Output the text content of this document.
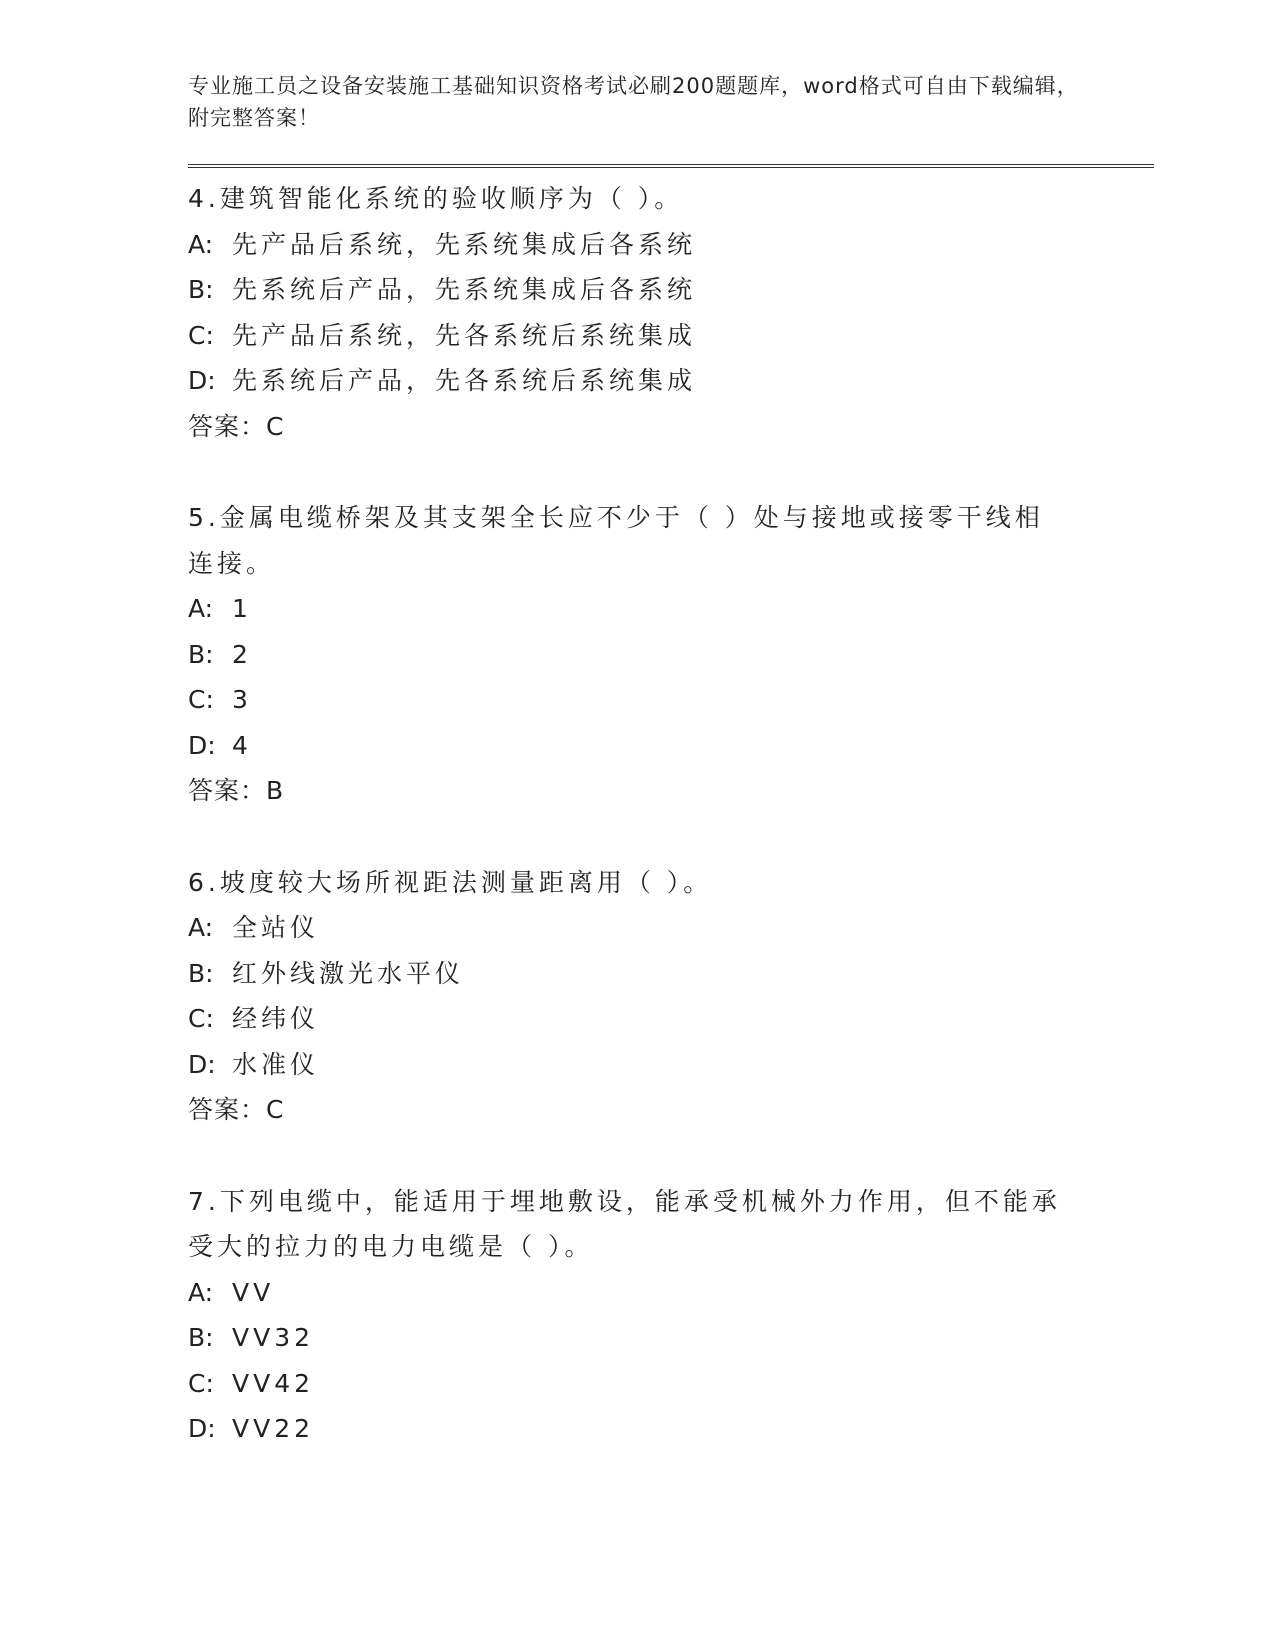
专业施工员之设备安装施工基础知识资格考试必刷200题题库，word格式可自由下载编辑，附完整答案！
4.建筑智能化系统的验收顺序为（ ）。
A: 先产品后系统，先系统集成后各系统
B: 先系统后产品，先系统集成后各系统
C: 先产品后系统，先各系统后系统集成
D: 先系统后产品，先各系统后系统集成
答案：C
5.金属电缆桥架及其支架全长应不少于（ ）处与接地或接零干线相连接。
A: 1
B: 2
C: 3
D: 4
答案：B
6.坡度较大场所视距法测量距离用（ ）。
A: 全站仪
B: 红外线激光水平仪
C: 经纬仪
D: 水准仪
答案：C
7.下列电缆中，能适用于埋地敷设，能承受机械外力作用，但不能承受大的拉力的电力电缆是（ ）。
A: VV
B: VV32
C: VV42
D: VV22
